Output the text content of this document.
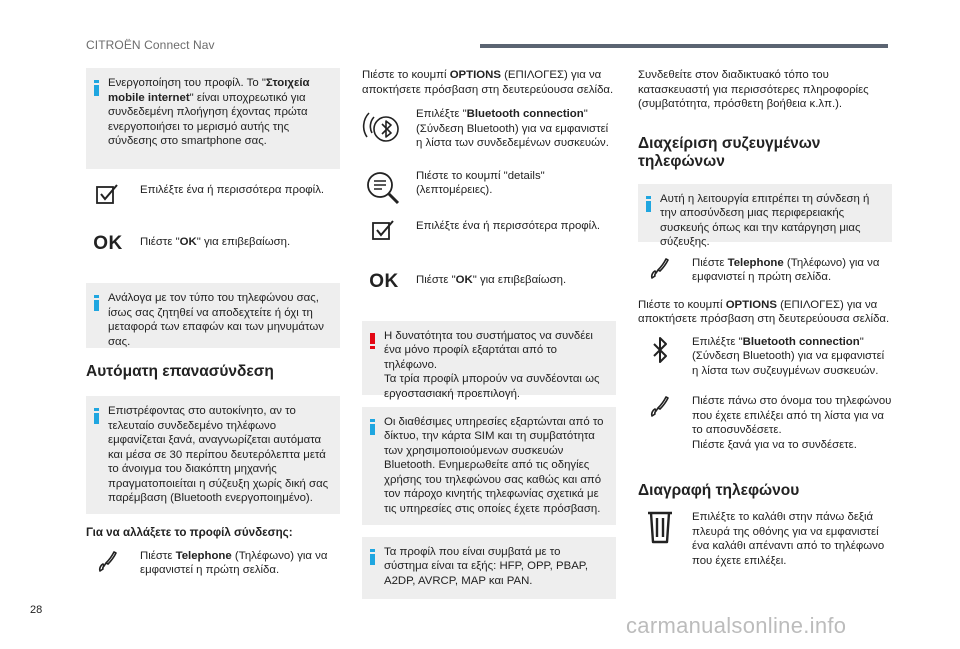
CITROËN Connect Nav

Ενεργοποίηση του προφίλ. Το "Στοιχεία mobile internet" είναι υποχρεωτικό για συνδεδεμένη πλοήγηση έχοντας πρώτα ενεργοποιήσει το μερισμό αυτής της σύνδεσης στο smartphone σας.

Επιλέξτε ένα ή περισσότερα προφίλ.

OK Πιέστε "OK" για επιβεβαίωση.

Ανάλογα με τον τύπο του τηλεφώνου σας, ίσως σας ζητηθεί να αποδεχτείτε ή όχι τη μεταφορά των επαφών και των μηνυμάτων σας.

Αυτόματη επανασύνδεση

Επιστρέφοντας στο αυτοκίνητο, αν το τελευταίο συνδεδεμένο τηλέφωνο εμφανίζεται ξανά, αναγνωρίζεται αυτόματα και μέσα σε 30 περίπου δευτερόλεπτα μετά το άνοιγμα του διακόπτη μηχανής πραγματοποιείται η σύζευξη χωρίς δική σας παρέμβαση (Bluetooth ενεργοποιημένο).

Για να αλλάξετε το προφίλ σύνδεσης:

Πιέστε Telephone (Τηλέφωνο) για να εμφανιστεί η πρώτη σελίδα.

Πιέστε το κουμπί OPTIONS (ΕΠΙΛΟΓΕΣ) για να αποκτήσετε πρόσβαση στη δευτερεύουσα σελίδα.

Επιλέξτε "Bluetooth connection" (Σύνδεση Bluetooth) για να εμφανιστεί η λίστα των συνδεδεμένων συσκευών.

Πιέστε το κουμπί "details" (λεπτομέρειες).

Επιλέξτε ένα ή περισσότερα προφίλ.

OK Πιέστε "OK" για επιβεβαίωση.

Η δυνατότητα του συστήματος να συνδέει ένα μόνο προφίλ εξαρτάται από το τηλέφωνο.
Τα τρία προφίλ μπορούν να συνδέονται ως εργοστασιακή προεπιλογή.

Οι διαθέσιμες υπηρεσίες εξαρτώνται από το δίκτυο, την κάρτα SIM και τη συμβατότητα των χρησιμοποιούμενων συσκευών Bluetooth. Ενημερωθείτε από τις οδηγίες χρήσης του τηλεφώνου σας καθώς και από τον πάροχο κινητής τηλεφωνίας σχετικά με τις υπηρεσίες στις οποίες έχετε πρόσβαση.

Τα προφίλ που είναι συμβατά με το σύστημα είναι τα εξής: HFP, OPP, PBAP, A2DP, AVRCP, MAP και PAN.

Συνδεθείτε στον διαδικτυακό τόπο του κατασκευαστή για περισσότερες πληροφορίες (συμβατότητα, πρόσθετη βοήθεια κ.λπ.).

Διαχείριση συζευγμένων τηλεφώνων

Αυτή η λειτουργία επιτρέπει τη σύνδεση ή την αποσύνδεση μιας περιφερειακής συσκευής όπως και την κατάργηση μιας σύζευξης.

Πιέστε Telephone (Τηλέφωνο) για να εμφανιστεί η πρώτη σελίδα.

Πιέστε το κουμπί OPTIONS (ΕΠΙΛΟΓΕΣ) για να αποκτήσετε πρόσβαση στη δευτερεύουσα σελίδα.

Επιλέξτε "Bluetooth connection" (Σύνδεση Bluetooth) για να εμφανιστεί η λίστα των συζευγμένων συσκευών.

Πιέστε πάνω στο όνομα του τηλεφώνου που έχετε επιλέξει από τη λίστα για να το αποσυνδέσετε.
Πιέστε ξανά για να το συνδέσετε.

Διαγραφή τηλεφώνου

Επιλέξτε το καλάθι στην πάνω δεξιά πλευρά της οθόνης για να εμφανιστεί ένα καλάθι απέναντι από το τηλέφωνο που έχετε επιλέξει.

28
carmanualsonline.info
